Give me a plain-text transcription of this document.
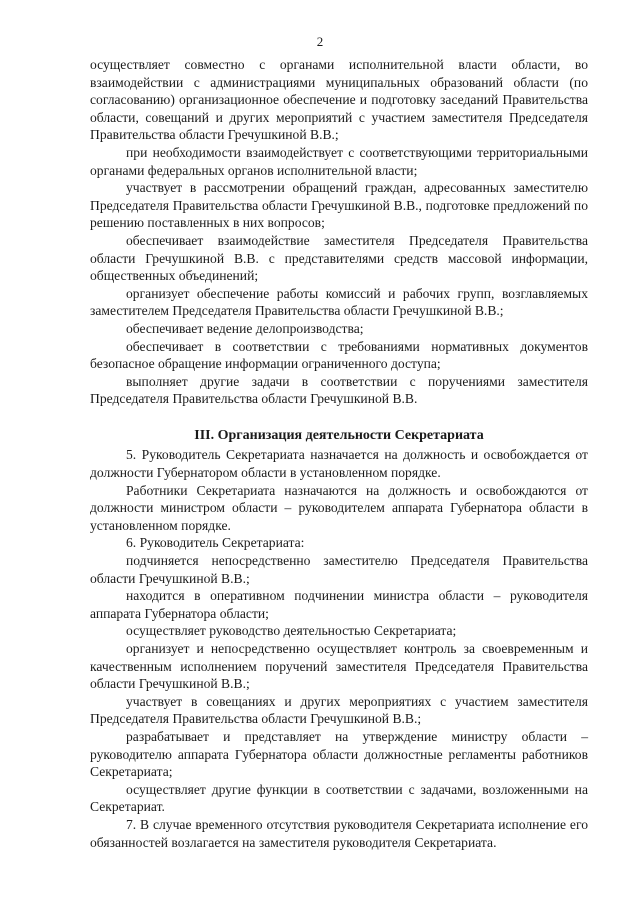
2

осуществляет совместно с органами исполнительной власти области, во взаимодействии с администрациями муниципальных образований области (по согласованию) организационное обеспечение и подготовку заседаний Правительства области, совещаний и других мероприятий с участием заместителя Председателя Правительства области Гречушкиной В.В.;

при необходимости взаимодействует с соответствующими территориальными органами федеральных органов исполнительной власти;

участвует в рассмотрении обращений граждан, адресованных заместителю Председателя Правительства области Гречушкиной В.В., подготовке предложений по решению поставленных в них вопросов;

обеспечивает взаимодействие заместителя Председателя Правительства области Гречушкиной В.В. с представителями средств массовой информации, общественных объединений;

организует обеспечение работы комиссий и рабочих групп, возглавляемых заместителем Председателя Правительства области Гречушкиной В.В.;

обеспечивает ведение делопроизводства;

обеспечивает в соответствии с требованиями нормативных документов безопасное обращение информации ограниченного доступа;

выполняет другие задачи в соответствии с поручениями заместителя Председателя Правительства области Гречушкиной В.В.

III. Организация деятельности Секретариата

5. Руководитель Секретариата назначается на должность и освобождается от должности Губернатором области в установленном порядке.

Работники Секретариата назначаются на должность и освобождаются от должности министром области – руководителем аппарата Губернатора области в установленном порядке.

6. Руководитель Секретариата:

подчиняется непосредственно заместителю Председателя Правительства области Гречушкиной В.В.;

находится в оперативном подчинении министра области – руководителя аппарата Губернатора области;

осуществляет руководство деятельностью Секретариата;

организует и непосредственно осуществляет контроль за своевременным и качественным исполнением поручений заместителя Председателя Правительства области Гречушкиной В.В.;

участвует в совещаниях и других мероприятиях с участием заместителя Председателя Правительства области Гречушкиной В.В.;

разрабатывает и представляет на утверждение министру области – руководителю аппарата Губернатора области должностные регламенты работников Секретариата;

осуществляет другие функции в соответствии с задачами, возложенными на Секретариат.

7. В случае временного отсутствия руководителя Секретариата исполнение его обязанностей возлагается на заместителя руководителя Секретариата.
